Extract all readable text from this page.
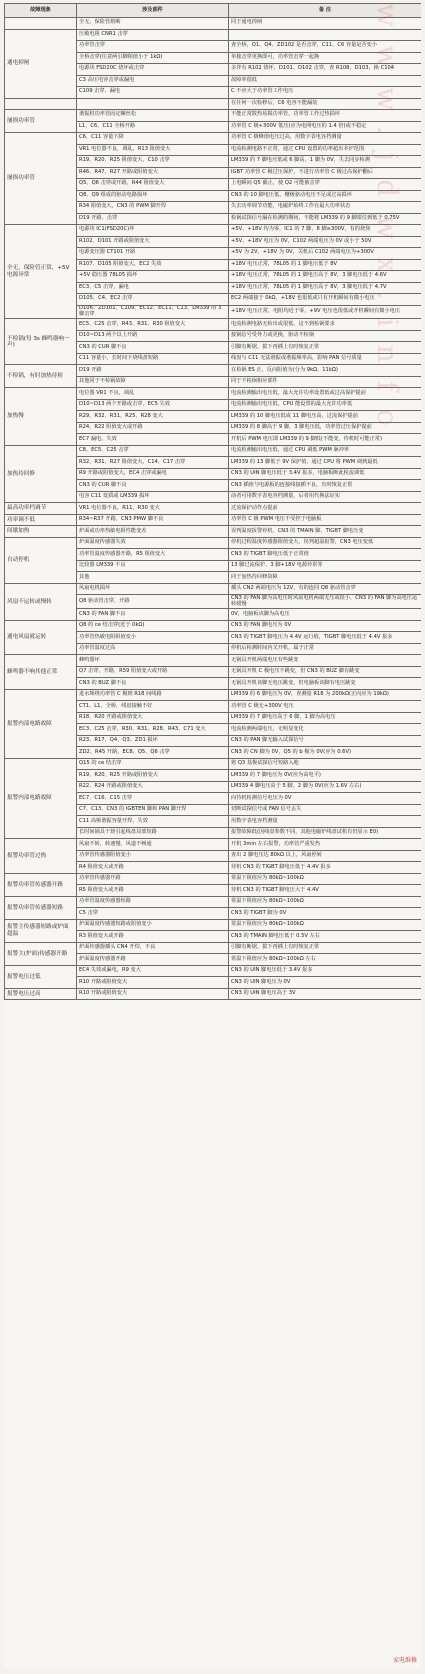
故障现象	涉及部件	备 注
	全无，保险管熔断	同于通电掉闸
通电掉闸	压敏电阻 CNR1 击穿	
	功率管击穿	查全桥，Q1、Q4、ZD102 是否击穿，C11、C6 容量是否变小
	全桥击穿(任意两引脚阻值小于 1kΩ)	单独击穿更换即可，功率管击穿一起换
	电源块 FSD20C 烧坏或击穿	多伴有 R102 烧坏，D101、D102 击穿，查 R108、D103，换 C104
	C3 高压电容击穿或漏电	故障率很低
	C109 击穿、漏电	C 不应大于功率管工作电压
		在任何一次检修后，C6 电容不能漏装
屡损功率管	谐振机功率管固定螺丝松	不能正常散热易损功率管，功率管工作过热损坏
	L1、C6、C11 全桥开路	功率管 C 极+300V 低压(应为电网电压的 1.4 倍)或不稳定
屡损功率管	C6、C11 容量下降	功率管 C 极峰值电压过高，用数字表电容挡测量
	VR1 电位器不良，调乱，R13 阻值变大	电流检测电路不正常，通过 CPU 设置的功率超出本炉范围
	R19、R20、R25 阻值变大，C10 击穿	LM339 的 7 脚电压低或 6 脚高，1 脚为 0V，失去同步检测
	R46、R47、R27 开路或阻值变大	IGBT 功率管 C 极过压保护，不进行功率管 C 极过高保护翻后
	Q5、Q6 击穿或开路，R44 阻值变大	上电瞬间 Q5 截止，使 Q2 可能被击穿
	Q8、Q9 组成的驱动电路损坏	CN3 的 10 脚电压低，栅极驱动电压不足或过高损坏
	R34 阻值变大，CN3 的 PWM 脚开焊	失去功率调节功能，电磁炉始终工作在最大功率状态
	D19 开路，击穿	检锅试探信号漏在检测的期间，不能将 LM339 的 9 脚钳位到低于 0.75V
全无，保险管正常，+5V 电源异常	电源块 IC1(FSD20C)坏	+5V、+18V 均为零，IC1 的 7 脚、8 脚≥300V，有的烧焦
	R102、D101 开路或阻值变大	+5V、+18V 电压为 0V，C102 两端电压为 0V 或小于 50V
	电源变压器 CT101 开路	+5V 为 2V，+18V 为 0V，关机后 C102 两端电压为+300V
	R107、D105 阻值变大，EC2 失效	+18V 电压正常，78L05 的 1 脚电压低于 8V
	+5V 稳压器 78L05 损坏	+18V 电压正常，78L05 的 1 脚电压高于 8V，3 脚电压低于 4.6V
	EC3、C5 击穿，漏电	+18V 电压正常，78L05 的 1 脚电压高于 8V，3 脚电压低于 4.7V
	D105、C4、EC2 击穿	EC2 两端接于 0kΩ，+18V 也很低或只有开机瞬间有微小电压
	D106、ZD101、C109、EC12、EC11、C13、LM339 的 3 脚击穿	+18V 电压正常，电阻均近于零，+9V 电压也很低或开机瞬间有微小电压
不检锅(每 3s 蜂鸣器响一声)	EC5、C25 击穿，R43、R31、R30 阻值变大	电流检测电路无检出或很低，这不到检锅要求
	D10~D13 两个以上开路	接锅信号受外力或更换，驱动不检锅
	CN3 的 CUR 脚不良	引脚有断锯，拔下再插上有时恢复正常
	C11 容量小，长时间下烧线盘短路	线盘与 C11 无法谐振或谐振频率高，影响 PAN 信号质量
不检锅，有时加热待检	D19 开路	在检锅 ES 正、反向阻值为(分为 9kΩ、11kΩ)
	其他同于不检锅故障	同于不检锅相应部件
加热慢	电位器 VR1 不良，调乱	电流检测输出电压低，最大允许功率设置低或过高保护提前
	D10~D13 两个开路或击穿，EC5 失效	电流检测输出电压低，CPU 能设置的最大允许功率低
	R29、R32、R31、R25、R28 变大	LM339 的 10 脚电压低或 11 脚电压高，过流保护提前
	R24、R22 阻值变大或开路	LM339 的 8 脚高于 9 脚，3 脚电压低，功率管过压保护提前
	EC7 漏电、失效	开机后 PWM 电压即 LM339 的 9 脚低(不能变，待机时可能正常)
加热待回修	C8、EC5、C25 击穿	电流检测输出电压低，通过 CPU 调低 PWM 脉冲率
	R32、R31、R27 阻值变大，C14、C17 击穿	LM339 的 13 脚低于 9V 保护值，通过 CPU 将 PWM 调到最低
	R9 开路或阻值变大，EC4 击穿或漏电	CN3 的 UIN 脚电压低于 3.4V 报多，电脑板断此检流调低
	CN3 的 CUR 脚不良	CN3 插座与电源板的连接线接插不良，有时恢复正常
	电容 C11 变质或 LM339 损坏	前者可用数字表电容档测量，后者用代换法证实
最高功率档调节	VR1 电位器不良，R11、R30 变大	过流保护动作点提前
功率调不低	R34~R37 开路，CN3 PMW 脚不良	功率管 C 极 PWM 电压不受控于电脑板
间歇加热	炉面或功率热敏电阻性能变差	误判温度报警停机，CN3 的 TMAIN 脚、TIGBT 脚电压变
自动停机	炉面温度传感器失效	停机过程温度传感器阻值变大，误判超温报警，CN3 电压变低
	功率管温度传感器开路，R5 阻值变大	CN3 的 TIGBT 脚电压低于正常值
	比较器 LM339 不良	13 脚过流保护，3 脚+18V 电源异常等
	其他	同于加热待回修故障
风扇不运转或慢转	风扇电机损坏	插头 CN2 两端电压为 12V，有的连同 Q8 驱动管击穿
	Q8 驱动管击穿，开路	CN3 的 FAN 脚为高电压时风扇电机两端无压或很小，CN3 的 FAN 脚为高电压运转缓慢
	CN3 的 FAN 脚不良	0V，电脑板该脚为高电压
通电风扇就运转	Q8 的 ce 结击穿(近于 0kΩ)	CN3 的 FAN 脚电压为 0V
	功率管热敏电阻阻值变小	CN3 的 TIGBT 脚电压为 4.4V 运行值，TIGBT 脚电压低于 4.4V 报多
	功率管温度过高	停机后检测时间内又开机，属于正常
蜂鸣器不响其他正常	蜂鸣器坏	无锅具开机两端电压有些跳变
	Q7 击穿，开路，R59 阻值变大或开路	无锅具开机 C 极电压不跳变，但 CN3 的 BUZ 脚有跳变
	CN3 的 BUZ 脚不良	无锅具开机该脚无电压跳变，但电脑板该脚有电压跳变
报警内部电路故障	进水频绕功率管 C 极到 R18 间线路	LM339 的 6 脚电压为 0V，查测量 R18 为 200kΩ(正向应为 19kΩ)
	CT1、L1、全桥，线盘接触不好	功率管 C 极无+300V 电压
	R18、R20 开路或阻值变大	LM339 的 7 脚电压高于 6 脚，1 脚为高电压
	EC3、C25 击穿，R30、R31、R28、R43、C71 变大	电流检测两端电压，无明显变化
	R23、R17、Q4、Q3、ZD1 损坏	CN3 的 PAN 脚无输入试探信号
	ZD2、R45 开路，EC8、Q5、Q6 击穿	CN3 的 CN 脚为 0V，Q5 的 b 极为 0V(应为 0.6V)
报警内部电路故障	Q15 的 ce 结击穿	将 Q3 基极试探信号短路入地
	R19、R20、R25 开路或阻值变大	LM339 的 7 脚电压为 0V(应为高电平)
	R22、R24 开路或阻值变大	LM339 4 脚电压高于 5 脚，2 脚为 0V(应为 1.6V 左右)
	EC7、C16、C15 击穿	向待机检测信号电压为 0V
	C7、C13、CN3 的 IGBTEN 脚和 PAN 脚开焊	切断试探信号或 FAN 信号丢失
	C11 高频谐振容量开焊，失效	用数字表电容档测量
	长时间锅具干烧引起线盘局部短路	报警故障低(因线盘参数不同，其他电磁炉线盘试机有仍显示 E0)
报警功率管过热	风扇不转，转速慢、风道不畅通	开机 3min 左右报警，功率管严重发热
	功率管传感器阻值变小	查出 2 脚电压达 80kΩ 以上，风扇停转
	R4 阻值变大或开路	待机 CN3 的 TIGBT 脚电压低于 4.4V 报多
报警功率管传感器开路	功率管传感器开路	常温下阻值应为 80kΩ~100kΩ
	R5 阻值变大或开路	待机 CN3 的 TIGBT 脚电压大于 4.4V
报警功率管传感器短路	功率管温度传感器短路	常温下阻值应为 80kΩ~100kΩ
	C5 击穿	CN3 的 TIGBT 脚为 0V
报警主传感器短路或炉面超温	炉面温度传感器短路或阻值变小	常温下阻值应为 80kΩ~100kΩ
	R3 阻值变大或开路	CN3 的 TMAIN 脚电压低于 0.5V 左右
报警主(炉面)传感器开路	炉面传感器插头 CN4 开焊，不良	引脚有断锯，拔下再插上有时恢复正常
	炉面温度传感器开路	常温下阻值应为 80kΩ~100kΩ 左右
报警电压过低	EC4 失效或漏电，R9 变大	CN3 的 UIN 脚电压低于 3.4V 报多
	R10 开路或阻值变大	CN3 的 UIN 脚电压为 0V
报警电压过高	R10 开路或阻值变大	CN3 的 UIN 脚电压高于 3V
www.jdwx.info
家电维修
